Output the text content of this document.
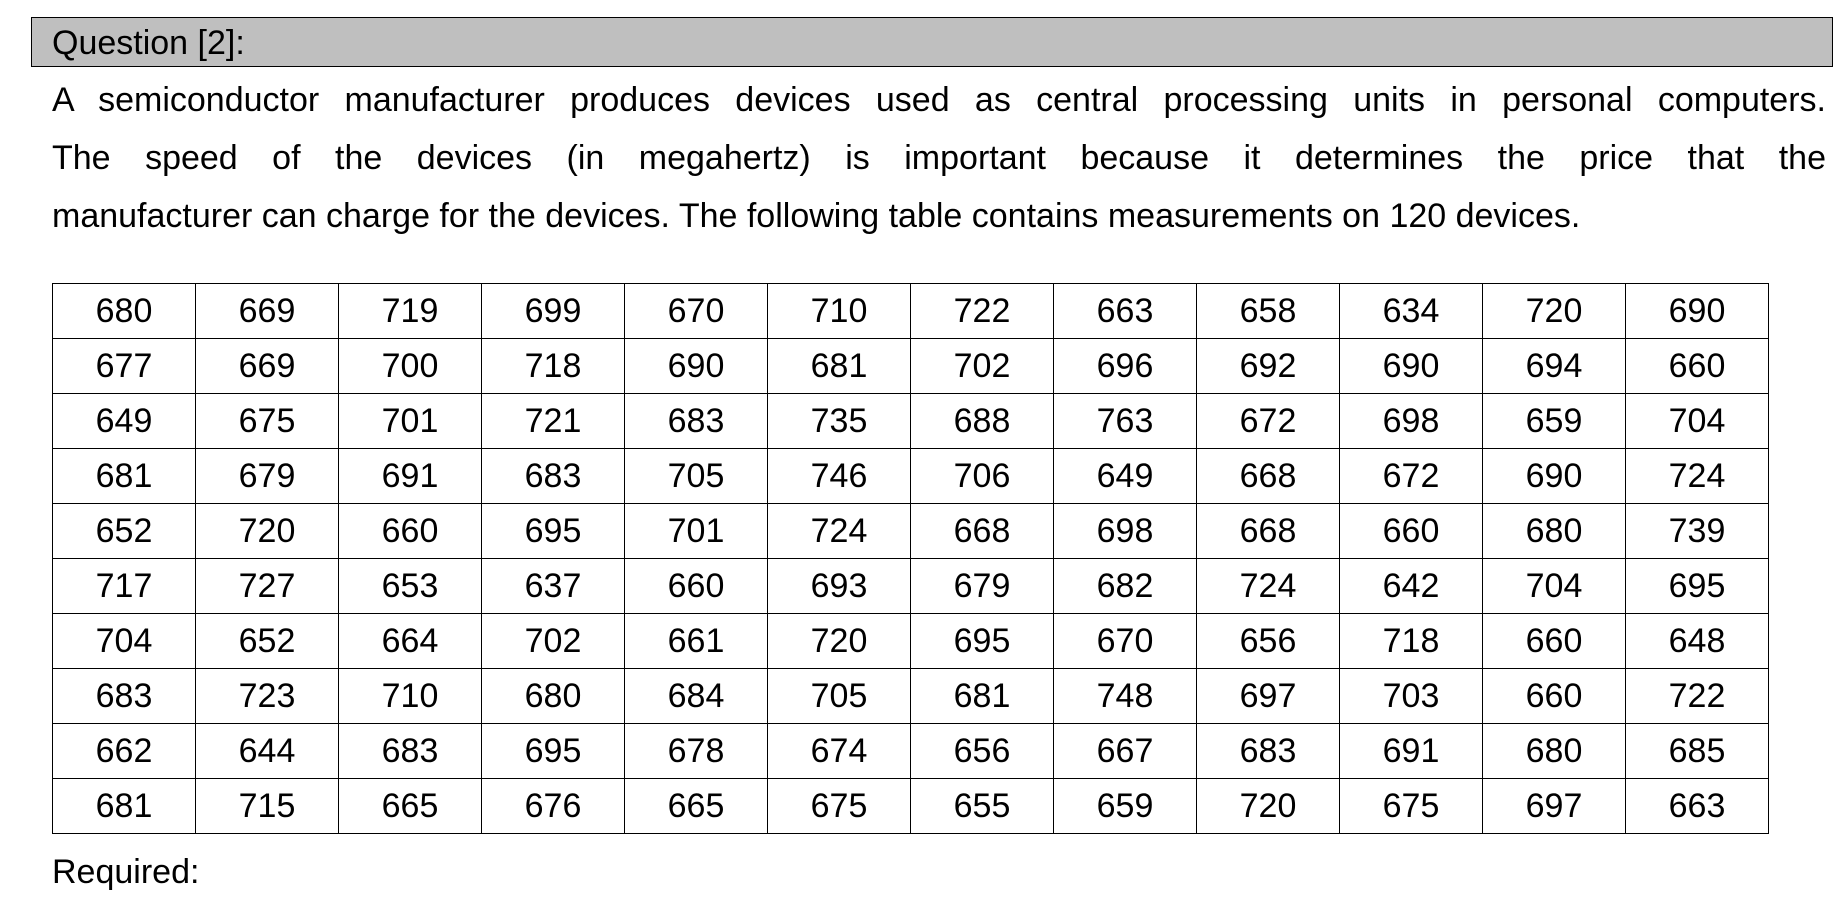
Question [2]:
A semiconductor manufacturer produces devices used as central processing units in personal computers.
The speed of the devices (in megahertz) is important because it determines the price that the
manufacturer can charge for the devices. The following table contains measurements on 120 devices.
680	669	719	699	670	710	722	663	658	634	720	690
677	669	700	718	690	681	702	696	692	690	694	660
649	675	701	721	683	735	688	763	672	698	659	704
681	679	691	683	705	746	706	649	668	672	690	724
652	720	660	695	701	724	668	698	668	660	680	739
717	727	653	637	660	693	679	682	724	642	704	695
704	652	664	702	661	720	695	670	656	718	660	648
683	723	710	680	684	705	681	748	697	703	660	722
662	644	683	695	678	674	656	667	683	691	680	685
681	715	665	676	665	675	655	659	720	675	697	663
Required:
